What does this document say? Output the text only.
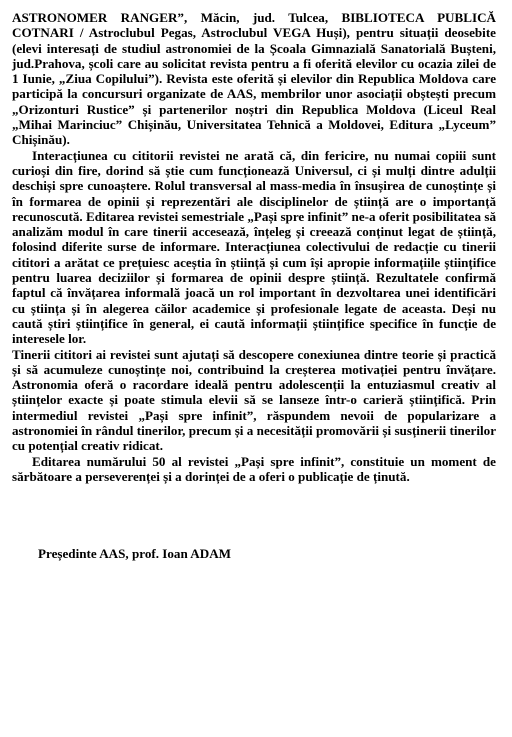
ASTRONOMER RANGER”, Măcin, jud. Tulcea, BIBLIOTECA PUBLICĂ COTNARI / Astroclubul Pegas, Astroclubul VEGA Huși), pentru situații deosebite (elevi interesați de studiul astronomiei de la Școala Gimnazială Sanatorială Bușteni, jud.Prahova, școli care au solicitat revista pentru a fi oferită elevilor cu ocazia zilei de 1 Iunie, „Ziua Copilului”). Revista este oferită și elevilor din Republica Moldova care participă la concursuri organizate de AAS, membrilor unor asociații obștești precum „Orizonturi Rustice” și partenerilor noștri din Republica Moldova (Liceul Real „Mihai Marinciuc” Chișinău, Universitatea Tehnică a Moldovei, Editura „Lyceum” Chișinău).

Interacțiunea cu cititorii revistei ne arată că, din fericire, nu numai copiii sunt curioși din fire, dorind să știe cum funcționează Universul, ci și mulți dintre adulții deschiși spre cunoaștere. Rolul transversal al mass-media în însușirea de cunoștințe și în formarea de opinii și reprezentări ale disciplinelor de știință are o importanță recunoscută. Editarea revistei semestriale „Pași spre infinit” ne-a oferit posibilitatea să analizăm modul în care tinerii accesează, înțeleg și creează conținut legat de știință, folosind diferite surse de informare. Interacțiunea colectivului de redacție cu tinerii cititori a arătat ce prețuiesc aceștia în știință și cum își apropie informațiile științifice pentru luarea deciziilor și formarea de opinii despre știință. Rezultatele confirmă faptul că învățarea informală joacă un rol important în dezvoltarea unei identificări cu știința și în alegerea căilor academice și profesionale legate de aceasta. Deși nu caută știri științifice în general, ei caută informații științifice specifice în funcție de interesele lor.

Tinerii cititori ai revistei sunt ajutați să descopere conexiunea dintre teorie și practică și să acumuleze cunoștințe noi, contribuind la creșterea motivației pentru învățare. Astronomia oferă o racordare ideală pentru adolescenții la entuziasmul creativ al științelor exacte și poate stimula elevii să se lanseze într-o carieră științifică. Prin intermediul revistei „Pași spre infinit”, răspundem nevoii de popularizare a astronomiei în rândul tinerilor, precum și a necesității promovării și susținerii tinerilor cu potențial creativ ridicat.

Editarea numărului 50 al revistei „Pași spre infinit”, constituie un moment de sărbătoare a perseverenței și a dorinței de a oferi o publicație de ținută.

Președinte AAS, prof. Ioan ADAM
